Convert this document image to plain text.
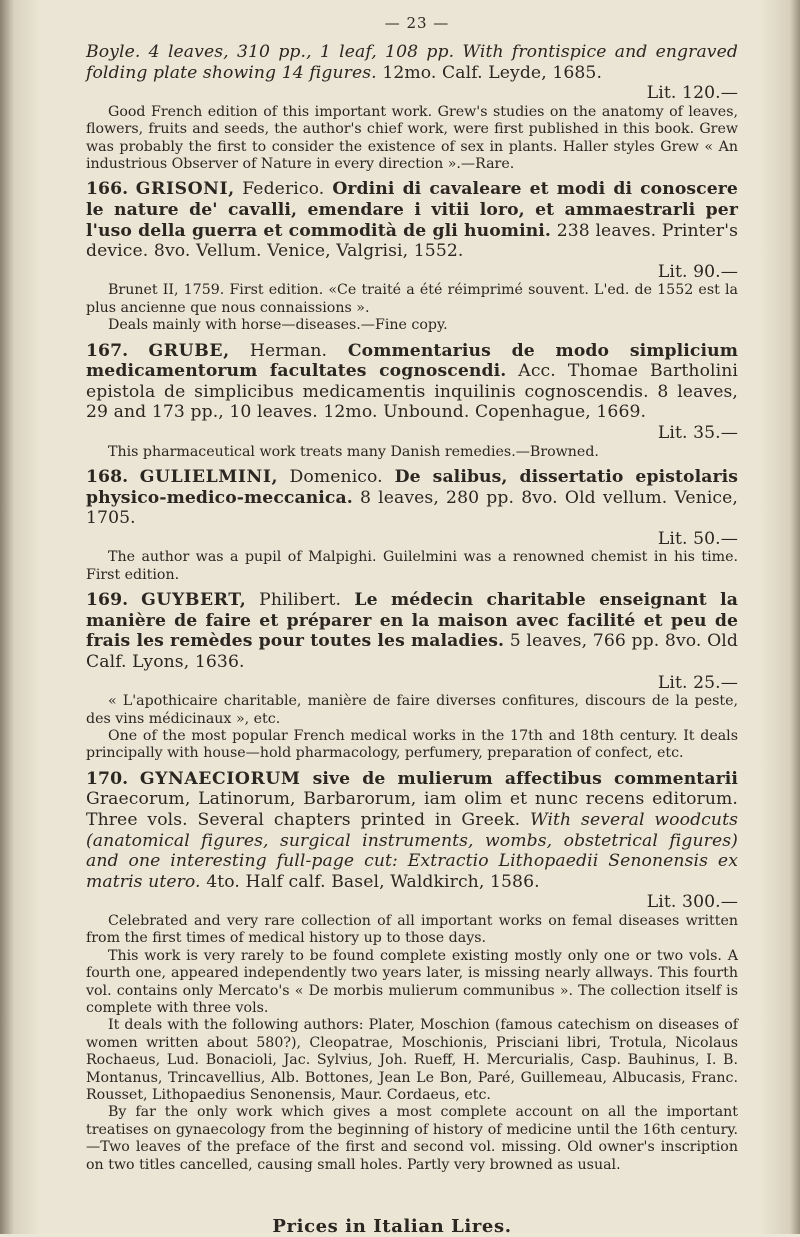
— 23 —

Boyle. 4 leaves, 310 pp., 1 leaf, 108 pp. With frontispice and engraved folding plate showing 14 figures. 12mo. Calf. Leyde, 1685.

Lit. 120.—

Good French edition of this important work. Grew's studies on the anatomy of leaves, flowers, fruits and seeds, the author's chief work, were first published in this book. Grew was probably the first to consider the existence of sex in plants. Haller styles Grew « An industrious Observer of Nature in every direction ».—Rare.

166. GRISONI, Federico. Ordini di cavaleare et modi di conoscere le nature de' cavalli, emendare i vitii loro, et ammaestrarli per l'uso della guerra et commodità de gli huomini. 238 leaves. Printer's device. 8vo. Vellum. Venice, Valgrisi, 1552.

Lit. 90.—

Brunet II, 1759. First edition. «Ce traité a été réimprimé souvent. L'ed. de 1552 est la plus ancienne que nous connaissions ».

Deals mainly with horse—diseases.—Fine copy.

167. GRUBE, Herman. Commentarius de modo simplicium medicamentorum facultates cognoscendi. Acc. Thomae Bartholini epistola de simplicibus medicamentis inquilinis cognoscendis. 8 leaves, 29 and 173 pp., 10 leaves. 12mo. Unbound. Copenhague, 1669.

Lit. 35.—

This pharmaceutical work treats many Danish remedies.—Browned.

168. GULIELMINI, Domenico. De salibus, dissertatio epistolaris physico-medico-meccanica. 8 leaves, 280 pp. 8vo. Old vellum. Venice, 1705.

Lit. 50.—

The author was a pupil of Malpighi. Guilelmini was a renowned chemist in his time. First edition.

169. GUYBERT, Philibert. Le médecin charitable enseignant la manière de faire et préparer en la maison avec facilité et peu de frais les remèdes pour toutes les maladies. 5 leaves, 766 pp. 8vo. Old Calf. Lyons, 1636.

Lit. 25.—

« L'apothicaire charitable, manière de faire diverses confitures, discours de la peste, des vins médicinaux », etc.

One of the most popular French medical works in the 17th and 18th century. It deals principally with house—hold pharmacology, perfumery, preparation of confect, etc.

170. GYNAECIORUM sive de mulierum affectibus commentarii Graecorum, Latinorum, Barbarorum, iam olim et nunc recens editorum. Three vols. Several chapters printed in Greek. With several woodcuts (anatomical figures, surgical instruments, wombs, obstetrical figures) and one interesting full-page cut: Extractio Lithopaedii Senonensis ex matris utero. 4to. Half calf. Basel, Waldkirch, 1586.

Lit. 300.—

Celebrated and very rare collection of all important works on femal diseases written from the first times of medical history up to those days.

This work is very rarely to be found complete existing mostly only one or two vols. A fourth one, appeared independently two years later, is missing nearly allways. This fourth vol. contains only Mercato's « De morbis mulierum communibus ». The collection itself is complete with three vols.

It deals with the following authors: Plater, Moschion (famous catechism on diseases of women written about 580?), Cleopatrae, Moschionis, Prisciani libri, Trotula, Nicolaus Rochaeus, Lud. Bonacioli, Jac. Sylvius, Joh. Rueff, H. Mercurialis, Casp. Bauhinus, I. B. Montanus, Trincavellius, Alb. Bottones, Jean Le Bon, Paré, Guillemeau, Albucasis, Franc. Rousset, Lithopaedius Senonensis, Maur. Cordaeus, etc.

By far the only work which gives a most complete account on all the important treatises on gynaecology from the beginning of history of medicine until the 16th century.—Two leaves of the preface of the first and second vol. missing. Old owner's inscription on two titles cancelled, causing small holes. Partly very browned as usual.

Prices in Italian Lires.
